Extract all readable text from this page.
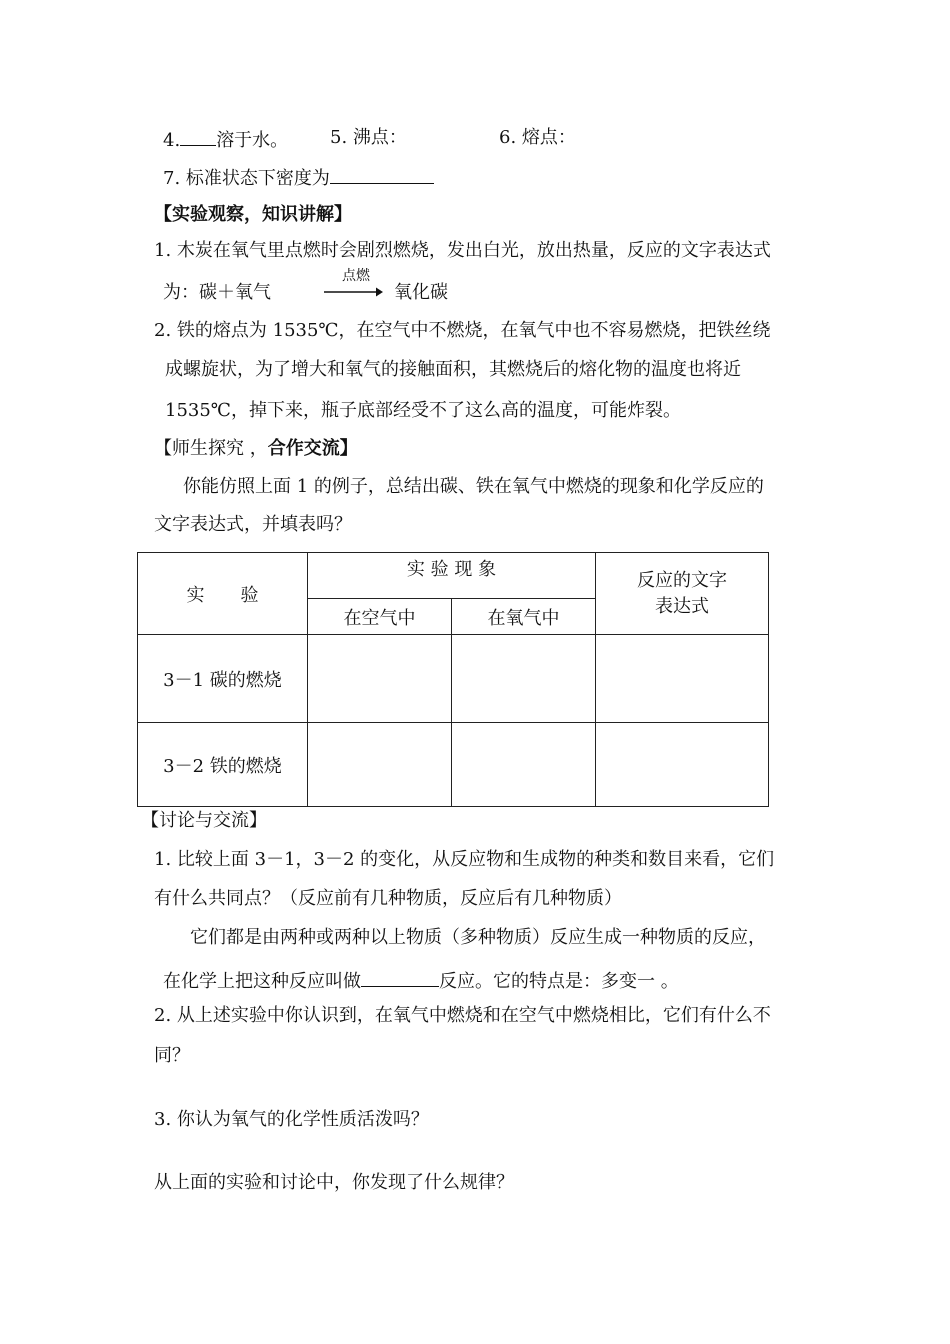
4. 溶于水。 5. 沸点：	6. 熔点：
7. 标准状态下密度为
【实验观察，知识讲解】
1. 木炭在氧气里点燃时会剧烈燃烧，发出白光，放出热量，反应的文字表达式
为：碳＋氧气
点燃
→ 氧化碳
2. 铁的熔点为 1535℃，在空气中不燃烧，在氧气中也不容易燃烧，把铁丝绕
成螺旋状，为了增大和氧气的接触面积，其燃烧后的熔化物的温度也将近
1535℃，掉下来，瓶子底部经受不了这么高的温度，可能炸裂。
【师生探究 ，合作交流】
你能仿照上面 1 的例子，总结出碳、铁在氧气中燃烧的现象和化学反应的
文字表达式，并填表吗？
实　　验	实 验 现 象		反应的文字
表达式
	在空气中	在氧气中	
3－1 碳的燃烧			
3－2 铁的燃烧			
【讨论与交流】
1. 比较上面 3－1，3－2 的变化，从反应物和生成物的种类和数目来看，它们
有什么共同点？（反应前有几种物质，反应后有几种物质）
它们都是由两种或两种以上物质（多种物质）反应生成一种物质的反应，
在化学上把这种反应叫做	反应。它的特点是：多变一 。
2. 从上述实验中你认识到，在氧气中燃烧和在空气中燃烧相比，它们有什么不
同？
3. 你认为氧气的化学性质活泼吗？
从上面的实验和讨论中，你发现了什么规律？
